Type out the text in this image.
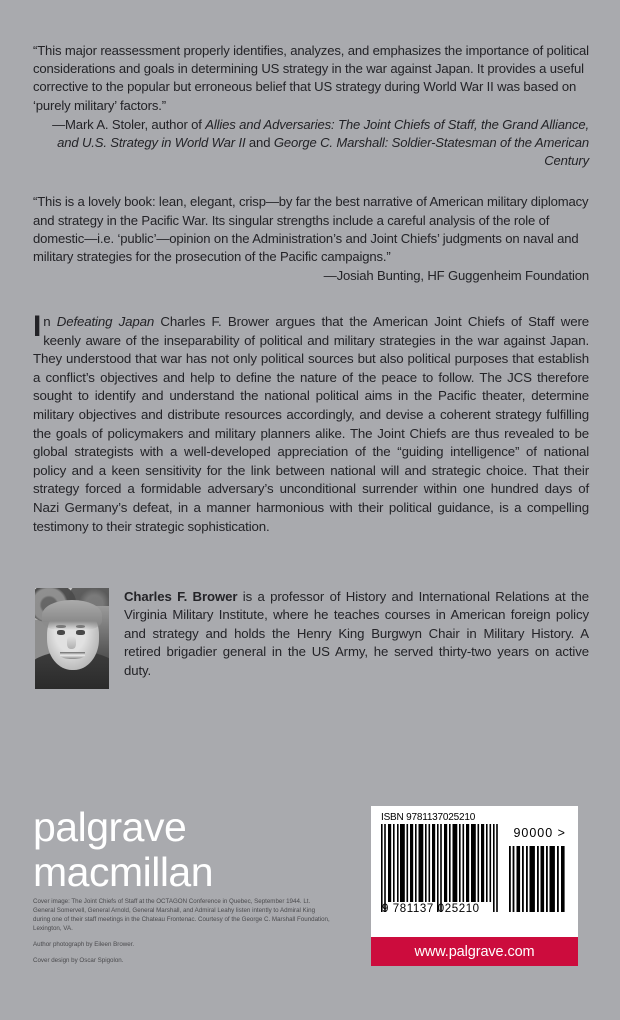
“This major reassessment properly identifies, analyzes, and emphasizes the importance of political considerations and goals in determining US strategy in the war against Japan. It provides a useful corrective to the popular but erroneous belief that US strategy during World War II was based on ‘purely military’ factors.”
—Mark A. Stoler, author of Allies and Adversaries: The Joint Chiefs of Staff, the Grand Alliance, and U.S. Strategy in World War II and George C. Marshall: Soldier-Statesman of the American Century

“This is a lovely book: lean, elegant, crisp—by far the best narrative of American military diplomacy and strategy in the Pacific War. Its singular strengths include a careful analysis of the role of domestic—i.e. ‘public’—opinion on the Administration’s and Joint Chiefs’ judgments on naval and military strategies for the prosecution of the Pacific campaigns.”
—Josiah Bunting, HF Guggenheim Foundation

In Defeating Japan Charles F. Brower argues that the American Joint Chiefs of Staff were keenly aware of the inseparability of political and military strategies in the war against Japan. They understood that war has not only political sources but also political purposes that establish a conflict’s objectives and help to define the nature of the peace to follow. The JCS therefore sought to identify and understand the national political aims in the Pacific theater, determine military objectives and distribute resources accordingly, and devise a coherent strategy fulfilling the goals of policymakers and military planners alike. The Joint Chiefs are thus revealed to be global strategists with a well-developed appreciation of the “guiding intelligence” of national policy and a keen sensitivity for the link between national will and strategic choice. That their strategy forced a formidable adversary’s unconditional surrender within one hundred days of Nazi Germany’s defeat, in a manner harmonious with their political guidance, is a compelling testimony to their strategic sophistication.
Charles F. Brower is a professor of History and International Relations at the Virginia Military Institute, where he teaches courses in American foreign policy and strategy and holds the Henry King Burgwyn Chair in Military History. A retired brigadier general in the US Army, he served thirty-two years on active duty.
palgrave
macmillan

Cover image: The Joint Chiefs of Staff at the OCTAGON Conference in Quebec, September 1944. Lt. General Somervell, General Arnold, General Marshall, and Admiral Leahy listen intently to Admiral King during one of their staff meetings in the Chateau Frontenac. Courtesy of the George C. Marshall Foundation, Lexington, VA.

Author photograph by Eileen Brower.

Cover design by Oscar Spigolon.

ISBN 9781137025210
90000 >
9 781137 025210
www.palgrave.com
